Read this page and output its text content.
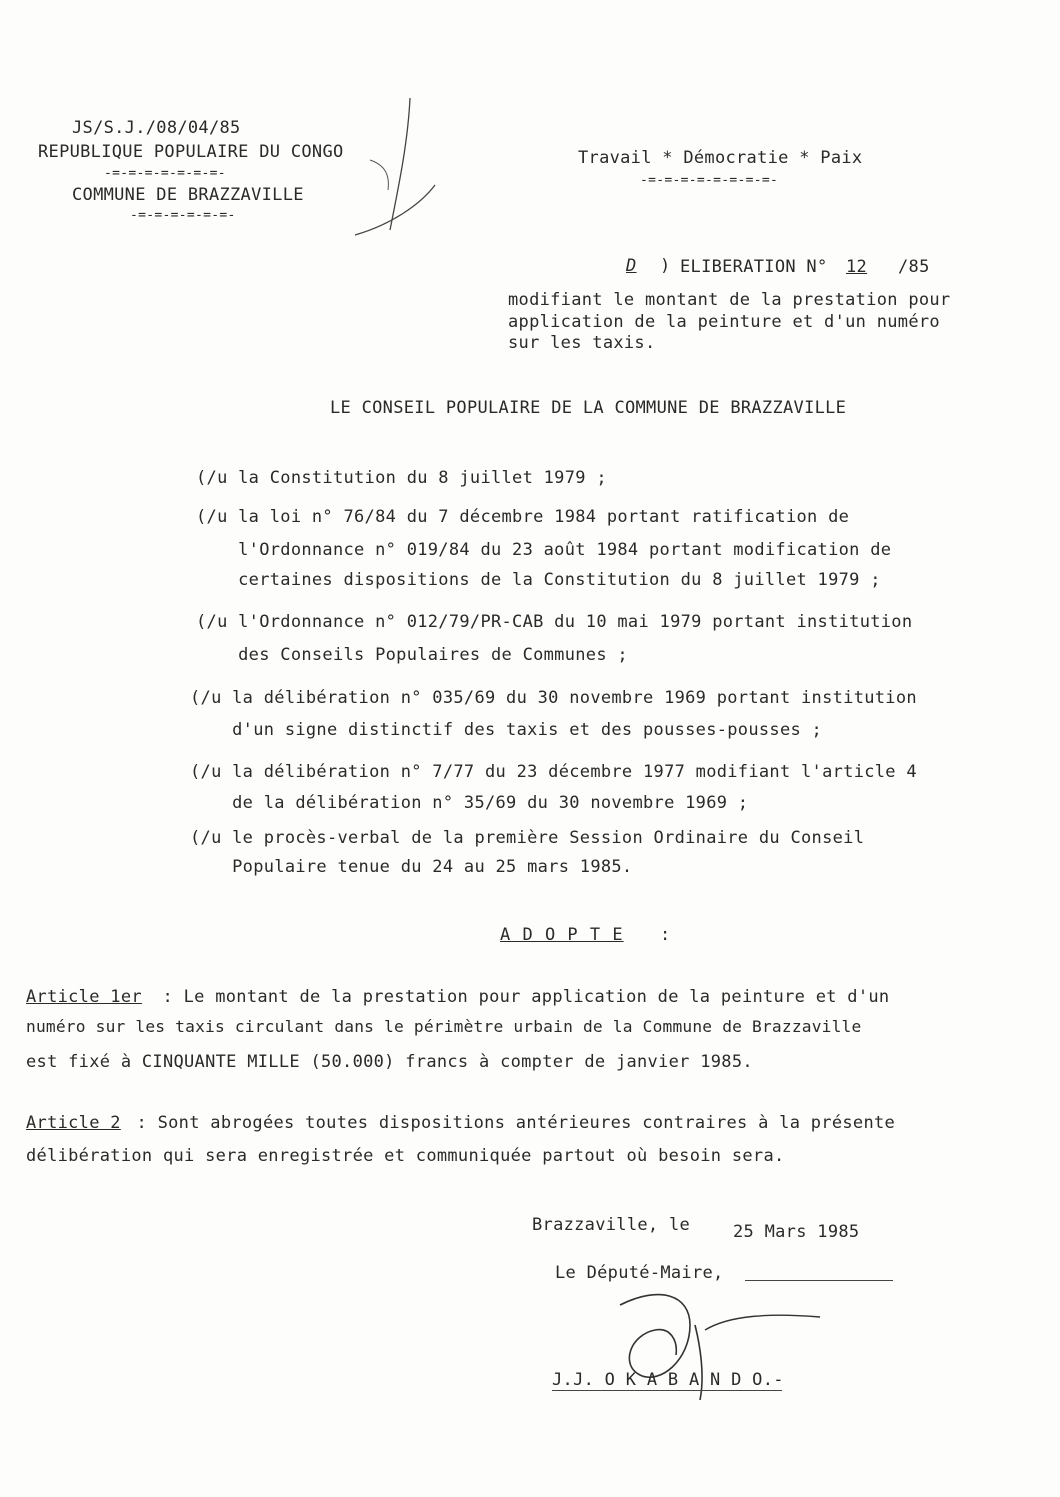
JS/S.J./08/04/85
REPUBLIQUE POPULAIRE DU CONGO
-=-=-=-=-=-=-=-
COMMUNE DE BRAZZAVILLE
-=-=-=-=-=-=-
Travail * Démocratie * Paix
-=-=-=-=-=-=-=-=-
D ) ELIBERATION N° 12 /85
modifiant le montant de la prestation pour
application de la peinture et d'un numéro
sur les taxis.
LE CONSEIL POPULAIRE DE LA COMMUNE DE BRAZZAVILLE
(/u la Constitution du 8 juillet 1979 ;
(/u la loi n° 76/84 du 7 décembre 1984 portant ratification de
l'Ordonnance n° 019/84 du 23 août 1984 portant modification de
certaines dispositions de la Constitution du 8 juillet 1979 ;
(/u l'Ordonnance n° 012/79/PR-CAB du 10 mai 1979 portant institution
des Conseils Populaires de Communes ;
(/u la délibération n° 035/69 du 30 novembre 1969 portant institution
d'un signe distinctif des taxis et des pousses-pousses ;
(/u la délibération n° 7/77 du 23 décembre 1977 modifiant l'article 4
de la délibération n° 35/69 du 30 novembre 1969 ;
(/u le procès-verbal de la première Session Ordinaire du Conseil
Populaire tenue du 24 au 25 mars 1985.
A D O P T E :
Article 1er : Le montant de la prestation pour application de la peinture et d'un
numéro sur les taxis circulant dans le périmètre urbain de la Commune de Brazzaville
est fixé à CINQUANTE MILLE (50.000) francs à compter de janvier 1985.
Article 2 : Sont abrogées toutes dispositions antérieures contraires à la présente
délibération qui sera enregistrée et communiquée partout où besoin sera.
Brazzaville, le	25 Mars 1985
Le Député-Maire,
J.J. O K A B A N D O.-
